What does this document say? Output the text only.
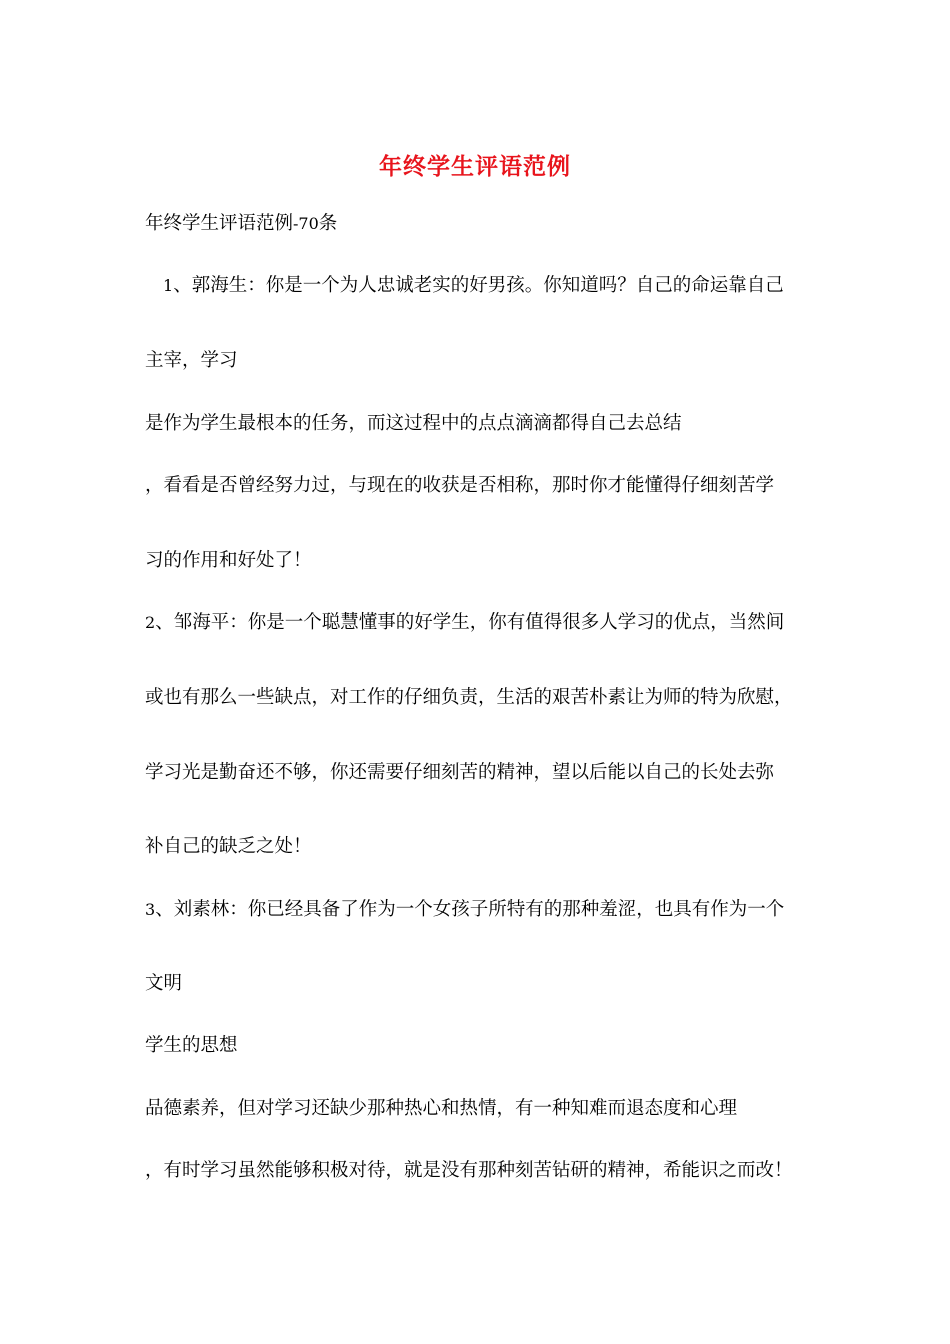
年终学生评语范例
年终学生评语范例-70条
1、郭海生：你是一个为人忠诚老实的好男孩。你知道吗？自己的命运靠自己
主宰，学习
是作为学生最根本的任务，而这过程中的点点滴滴都得自己去总结
，看看是否曾经努力过，与现在的收获是否相称，那时你才能懂得仔细刻苦学
习的作用和好处了！
2、邹海平：你是一个聪慧懂事的好学生，你有值得很多人学习的优点，当然间
或也有那么一些缺点，对工作的仔细负责，生活的艰苦朴素让为师的特为欣慰，
学习光是勤奋还不够，你还需要仔细刻苦的精神，望以后能以自己的长处去弥
补自己的缺乏之处！
3、刘素林：你已经具备了作为一个女孩子所特有的那种羞涩，也具有作为一个
文明
学生的思想
品德素养，但对学习还缺少那种热心和热情，有一种知难而退态度和心理
，有时学习虽然能够积极对待，就是没有那种刻苦钻研的精神，希能识之而改！
